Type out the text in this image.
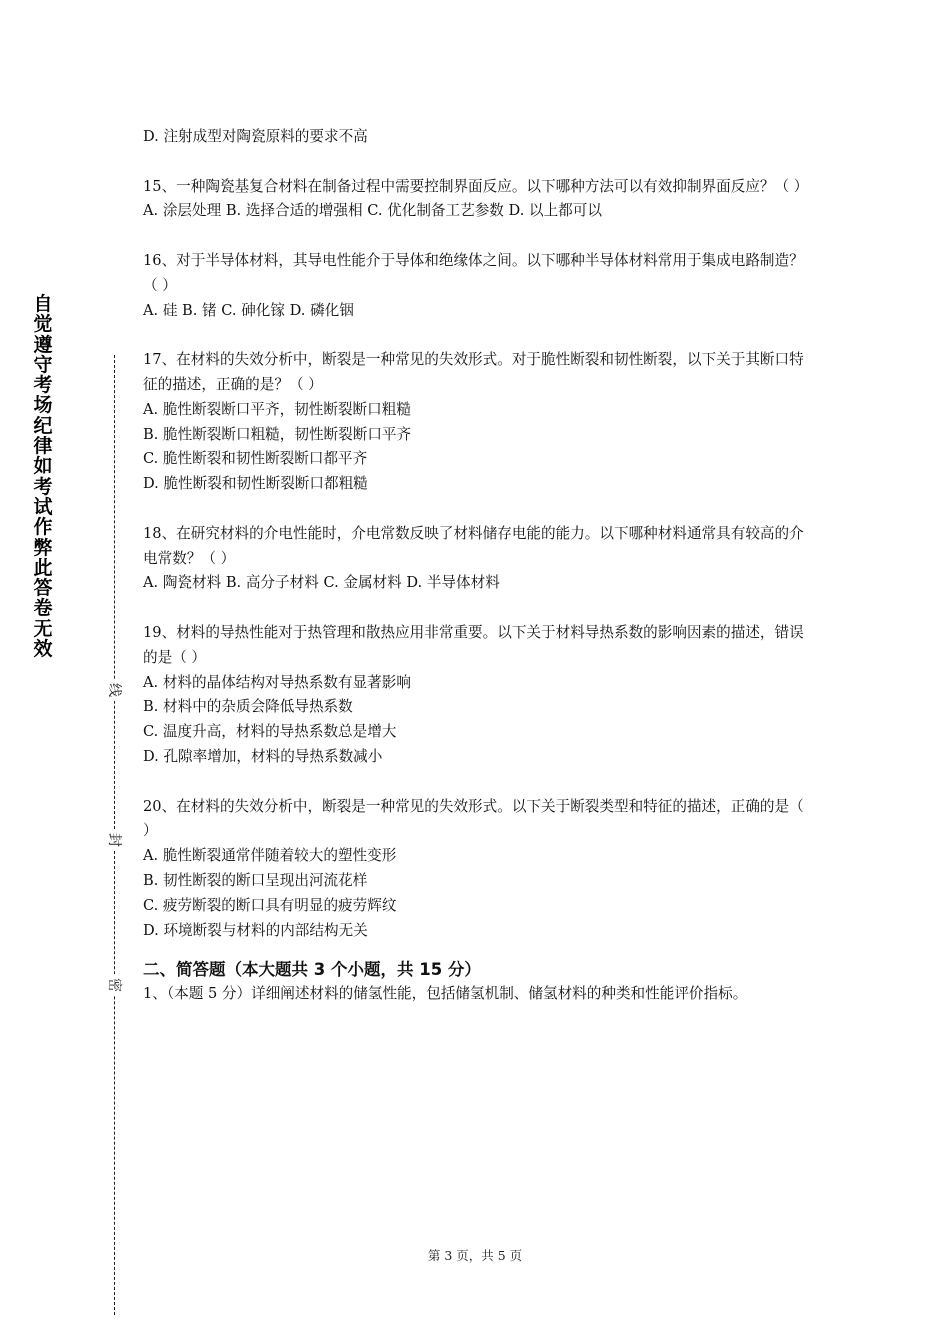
自觉遵守考场纪律如考试作弊此答卷无效
线
封
密
D. 注射成型对陶瓷原料的要求不高
15、一种陶瓷基复合材料在制备过程中需要控制界面反应。以下哪种方法可以有效抑制界面反应？（ ）
A. 涂层处理 B. 选择合适的增强相 C. 优化制备工艺参数 D. 以上都可以
16、对于半导体材料，其导电性能介于导体和绝缘体之间。以下哪种半导体材料常用于集成电路制造？（ ）
A. 硅 B. 锗 C. 砷化镓 D. 磷化铟
17、在材料的失效分析中，断裂是一种常见的失效形式。对于脆性断裂和韧性断裂，以下关于其断口特征的描述，正确的是？（ ）
A. 脆性断裂断口平齐，韧性断裂断口粗糙
B. 脆性断裂断口粗糙，韧性断裂断口平齐
C. 脆性断裂和韧性断裂断口都平齐
D. 脆性断裂和韧性断裂断口都粗糙
18、在研究材料的介电性能时，介电常数反映了材料储存电能的能力。以下哪种材料通常具有较高的介电常数？（ ）
A. 陶瓷材料 B. 高分子材料 C. 金属材料 D. 半导体材料
19、材料的导热性能对于热管理和散热应用非常重要。以下关于材料导热系数的影响因素的描述，错误的是（ ）
A. 材料的晶体结构对导热系数有显著影响
B. 材料中的杂质会降低导热系数
C. 温度升高，材料的导热系数总是增大
D. 孔隙率增加，材料的导热系数减小
20、在材料的失效分析中，断裂是一种常见的失效形式。以下关于断裂类型和特征的描述，正确的是（ ）
A. 脆性断裂通常伴随着较大的塑性变形
B. 韧性断裂的断口呈现出河流花样
C. 疲劳断裂的断口具有明显的疲劳辉纹
D. 环境断裂与材料的内部结构无关
二、简答题（本大题共 3 个小题，共 15 分）
1、（本题 5 分）详细阐述材料的储氢性能，包括储氢机制、储氢材料的种类和性能评价指标。
第 3 页，共 5 页
